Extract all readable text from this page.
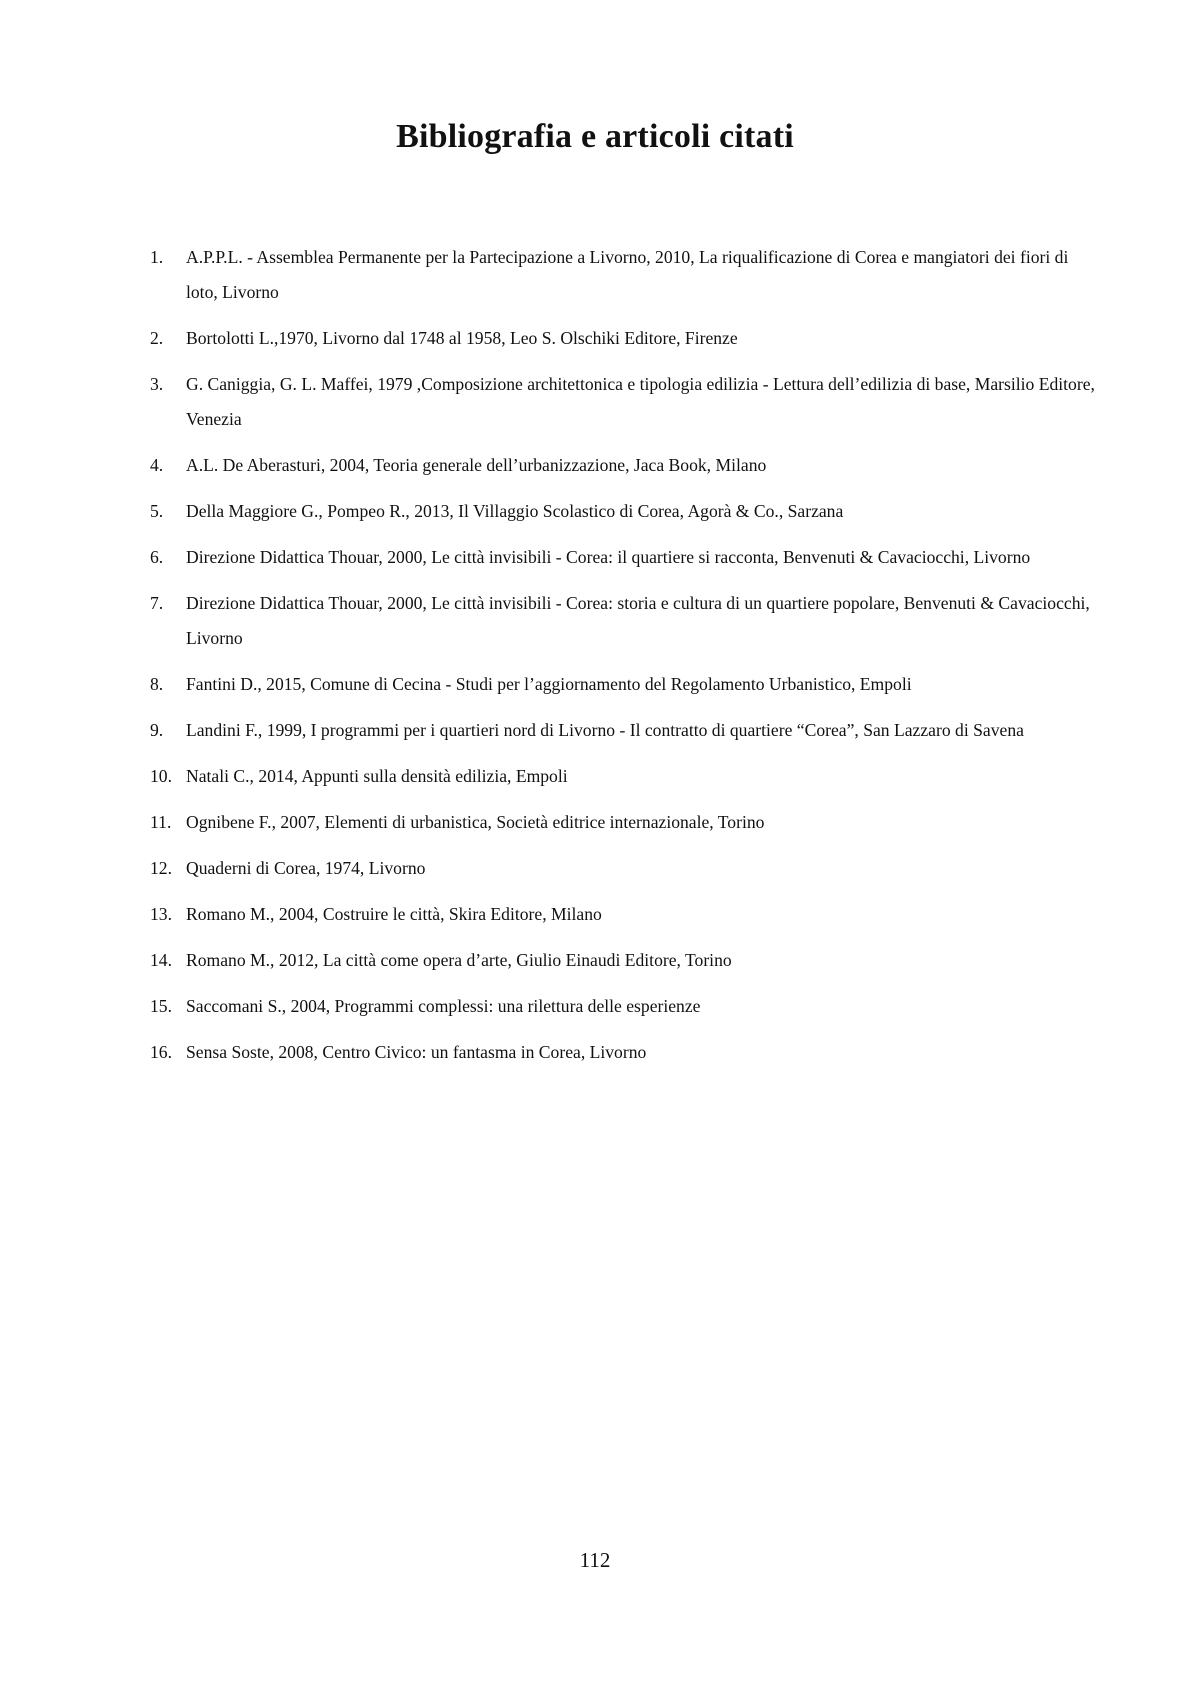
Bibliografia e articoli citati
1. A.P.P.L. - Assemblea Permanente per la Partecipazione a Livorno, 2010, La riqualificazione di Corea e mangiatori dei fiori di loto, Livorno
2. Bortolotti L.,1970, Livorno dal 1748 al 1958, Leo S. Olschiki Editore, Firenze
3. G. Caniggia, G. L. Maffei, 1979 ,Composizione architettonica e tipologia edilizia - Lettura dell’edilizia di base, Marsilio Editore, Venezia
4. A.L. De Aberasturi, 2004, Teoria generale dell’urbanizzazione, Jaca Book, Milano
5. Della Maggiore G., Pompeo R., 2013, Il Villaggio Scolastico di Corea, Agorà & Co., Sarzana
6. Direzione Didattica Thouar, 2000, Le città invisibili - Corea: il quartiere si racconta, Benvenuti & Cavaciocchi, Livorno
7. Direzione Didattica Thouar, 2000, Le città invisibili - Corea: storia e cultura di un quartiere popolare, Benvenuti & Cavaciocchi, Livorno
8. Fantini D., 2015, Comune di Cecina - Studi per l’aggiornamento del Regolamento Urbanistico, Empoli
9. Landini F., 1999, I programmi per i quartieri nord di Livorno - Il contratto di quartiere “Corea”, San Lazzaro di Savena
10. Natali C., 2014, Appunti sulla densità edilizia, Empoli
11. Ognibene F., 2007, Elementi di urbanistica, Società editrice internazionale, Torino
12. Quaderni di Corea, 1974, Livorno
13. Romano M., 2004, Costruire le città, Skira Editore, Milano
14. Romano M., 2012, La città come opera d’arte, Giulio Einaudi Editore, Torino
15. Saccomani S., 2004, Programmi complessi: una rilettura delle esperienze
16. Sensa Soste, 2008, Centro Civico: un fantasma in Corea, Livorno
112
